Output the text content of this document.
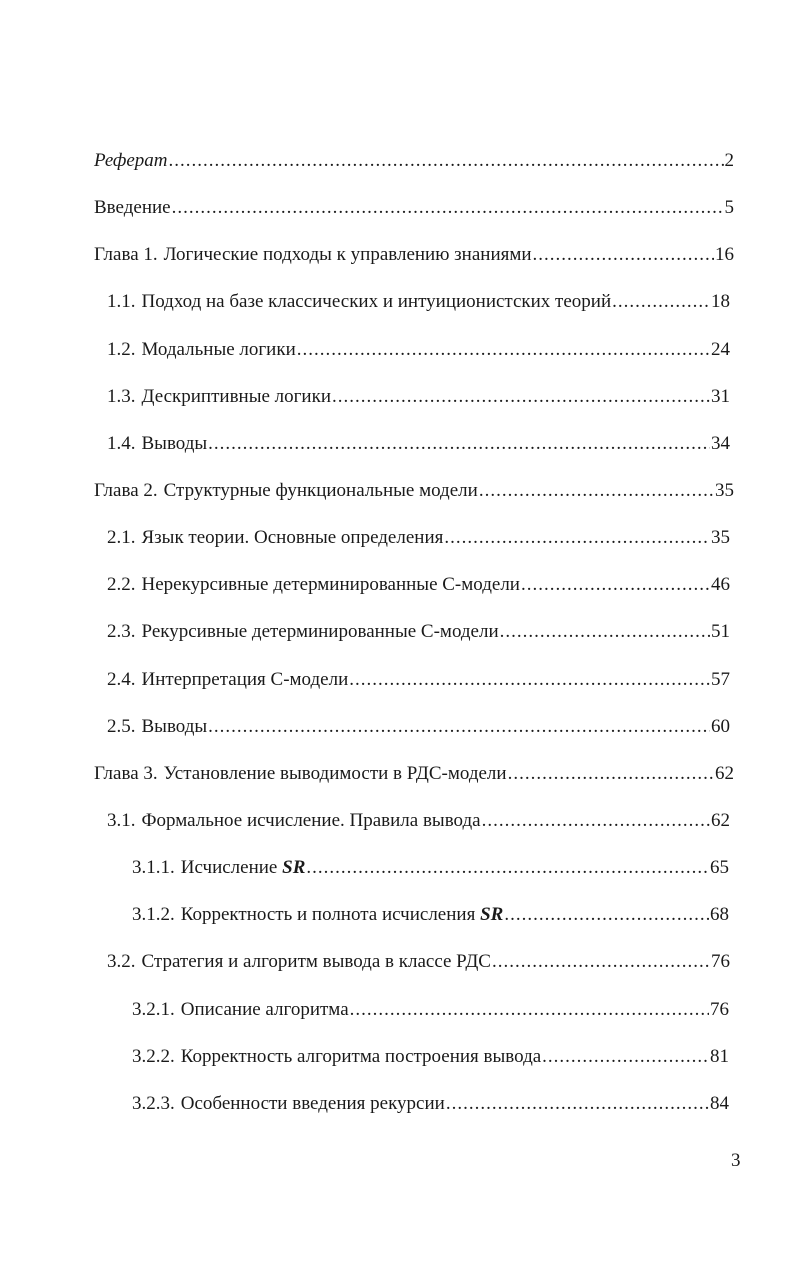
Реферат .....	2
Введение .....	5
Глава 1. Логические подходы к управлению знаниями .....	16
1.1. Подход на базе классических и интуиционистских теорий .....	18
1.2. Модальные логики .....	24
1.3. Дескриптивные логики .....	31
1.4. Выводы .....	34
Глава 2. Структурные функциональные модели .....	35
2.1. Язык теории. Основные определения .....	35
2.2. Нерекурсивные детерминированные С-модели .....	46
2.3. Рекурсивные детерминированные С-модели .....	51
2.4. Интерпретация С-модели .....	57
2.5. Выводы .....	60
Глава 3. Установление выводимости в РДС-модели .....	62
3.1. Формальное исчисление. Правила вывода .....	62
3.1.1. Исчисление SR .....	65
3.1.2. Корректность и полнота исчисления SR .....	68
3.2. Стратегия и алгоритм вывода в классе РДС .....	76
3.2.1. Описание алгоритма .....	76
3.2.2. Корректность алгоритма построения вывода .....	81
3.2.3. Особенности введения рекурсии .....	84
3
